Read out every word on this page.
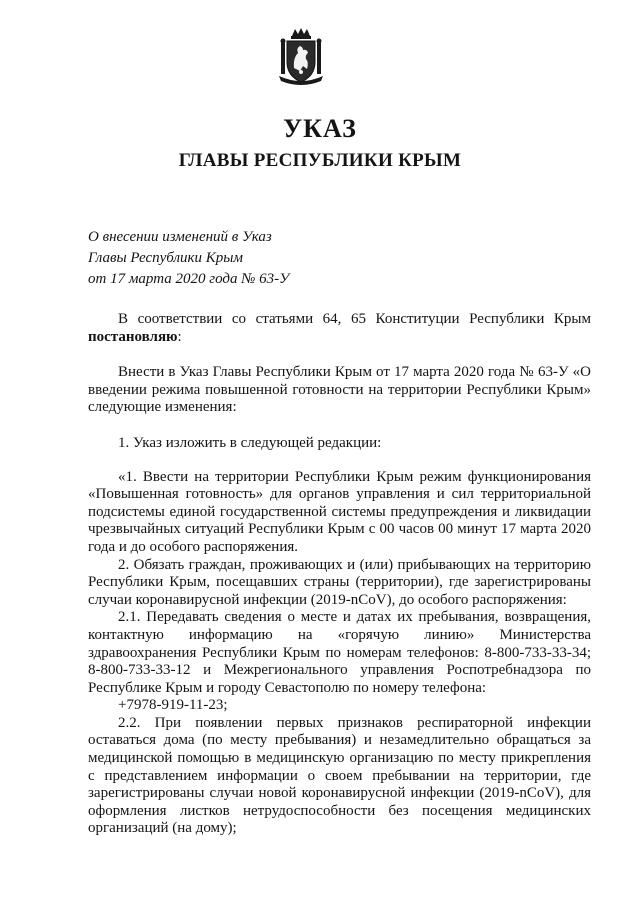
УКАЗ
ГЛАВЫ РЕСПУБЛИКИ КРЫМ
О внесении изменений в Указ
Главы Республики Крым
от 17 марта 2020 года № 63-У

В соответствии со статьями 64, 65 Конституции Республики Крым постановляю:

Внести в Указ Главы Республики Крым от 17 марта 2020 года № 63-У «О введении режима повышенной готовности на территории Республики Крым» следующие изменения:

1. Указ изложить в следующей редакции:

«1. Ввести на территории Республики Крым режим функционирования «Повышенная готовность» для органов управления и сил территориальной подсистемы единой государственной системы предупреждения и ликвидации чрезвычайных ситуаций Республики Крым с 00 часов 00 минут 17 марта 2020 года и до особого распоряжения.

2. Обязать граждан, проживающих и (или) прибывающих на территорию Республики Крым, посещавших страны (территории), где зарегистрированы случаи коронавирусной инфекции (2019-nCoV), до особого распоряжения:

2.1. Передавать сведения о месте и датах их пребывания, возвращения, контактную информацию на «горячую линию» Министерства здравоохранения Республики Крым по номерам телефонов: 8-800-733-33-34; 8-800-733-33-12 и Межрегионального управления Роспотребнадзора по Республике Крым и городу Севастополю по номеру телефона:

+7978-919-11-23;

2.2. При появлении первых признаков респираторной инфекции оставаться дома (по месту пребывания) и незамедлительно обращаться за медицинской помощью в медицинскую организацию по месту прикрепления с представлением информации о своем пребывании на территории, где зарегистрированы случаи новой коронавирусной инфекции (2019-nCoV), для оформления листков нетрудоспособности без посещения медицинских организаций (на дому);
